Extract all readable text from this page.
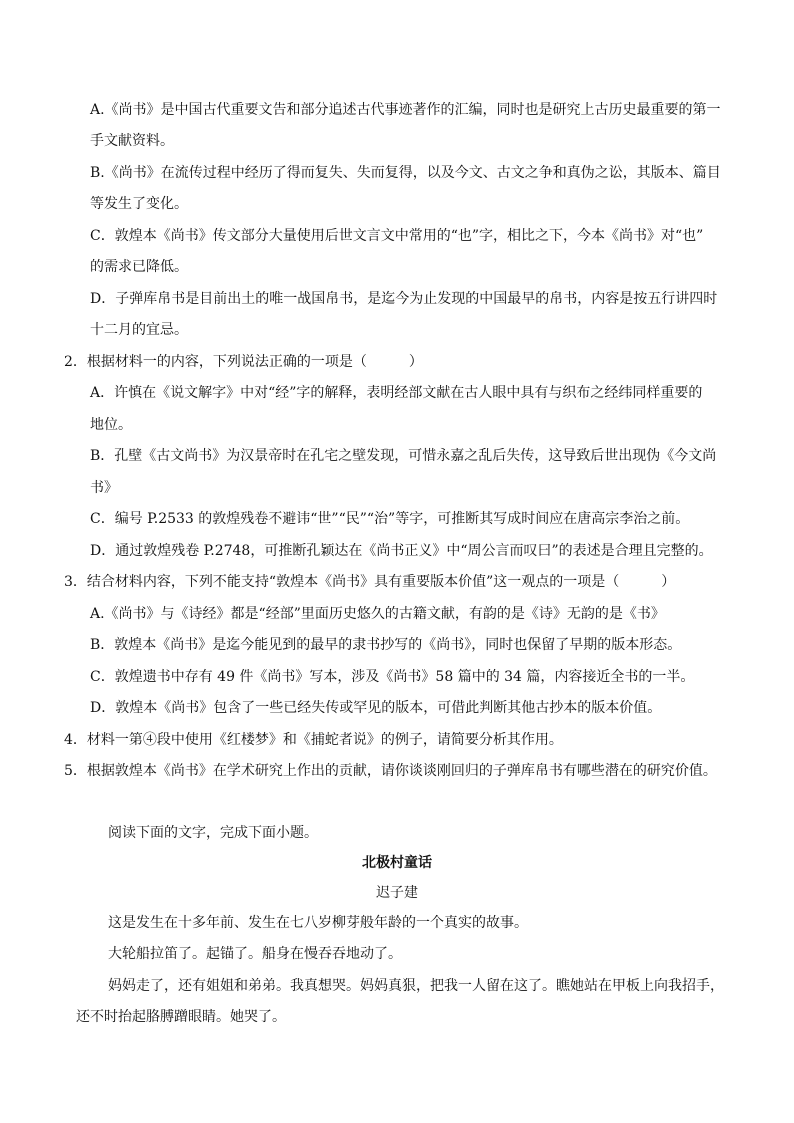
A.《尚书》是中国古代重要文告和部分追述古代事迹著作的汇编，同时也是研究上古历史最重要的第一
手文献资料。
B.《尚书》在流传过程中经历了得而复失、失而复得，以及今文、古文之争和真伪之讼，其版本、篇目
等发生了变化。
C．敦煌本《尚书》传文部分大量使用后世文言文中常用的“也”字，相比之下，今本《尚书》对“也”
的需求已降低。
D．子弹库帛书是目前出土的唯一战国帛书，是迄今为止发现的中国最早的帛书，内容是按五行讲四时
十二月的宜忌。
2．根据材料一的内容，下列说法正确的一项是（　　　）
A．许慎在《说文解字》中对“经”字的解释，表明经部文献在古人眼中具有与织布之经纬同样重要的
地位。
B．孔壁《古文尚书》为汉景帝时在孔宅之壁发现，可惜永嘉之乱后失传，这导致后世出现伪《今文尚
书》
C．编号 P.2533 的敦煌残卷不避讳“世”“民”“治”等字，可推断其写成时间应在唐高宗李治之前。
D．通过敦煌残卷 P.2748，可推断孔颖达在《尚书正义》中“周公言而叹曰”的表述是合理且完整的。
3．结合材料内容，下列不能支持“敦煌本《尚书》具有重要版本价值”这一观点的一项是（　　　）
A.《尚书》与《诗经》都是“经部”里面历史悠久的古籍文献，有韵的是《诗》无韵的是《书》
B．敦煌本《尚书》是迄今能见到的最早的隶书抄写的《尚书》，同时也保留了早期的版本形态。
C．敦煌遗书中存有 49 件《尚书》写本，涉及《尚书》58 篇中的 34 篇，内容接近全书的一半。
D．敦煌本《尚书》包含了一些已经失传或罕见的版本，可借此判断其他古抄本的版本价值。
4．材料一第④段中使用《红楼梦》和《捕蛇者说》的例子，请简要分析其作用。
5．根据敦煌本《尚书》在学术研究上作出的贡献，请你谈谈刚回归的子弹库帛书有哪些潜在的研究价值。
阅读下面的文字，完成下面小题。
北极村童话
迟子建
这是发生在十多年前、发生在七八岁柳芽般年龄的一个真实的故事。
大轮船拉笛了。起锚了。船身在慢吞吞地动了。
妈妈走了，还有姐姐和弟弟。我真想哭。妈妈真狠，把我一人留在这了。瞧她站在甲板上向我招手，
还不时抬起胳膊蹭眼睛。她哭了。
